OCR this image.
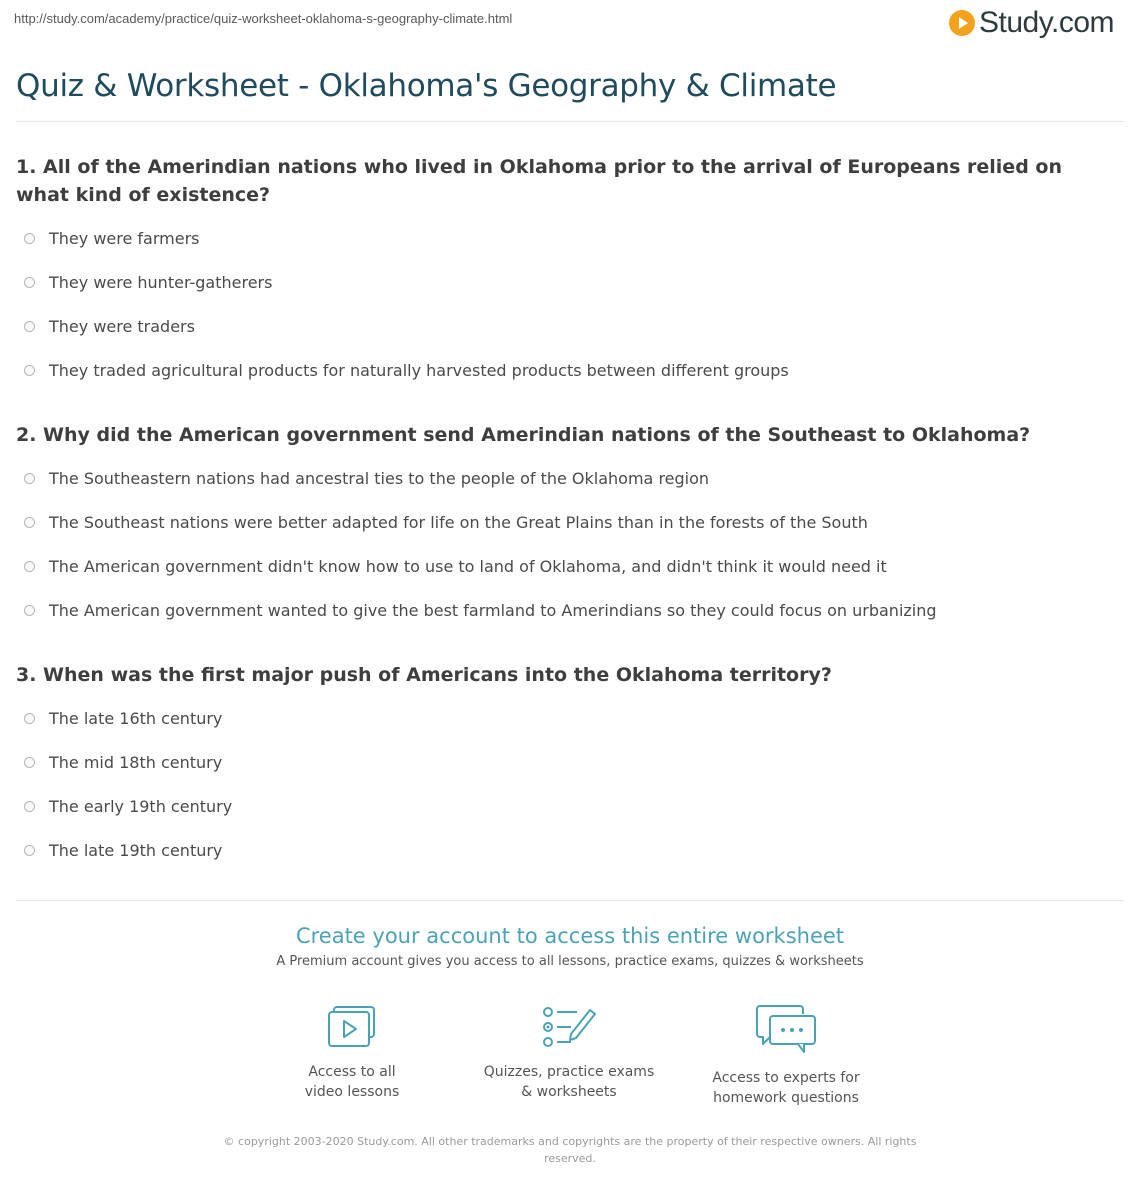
http://study.com/academy/practice/quiz-worksheet-oklahoma-s-geography-climate.html	Study.com
Quiz & Worksheet - Oklahoma's Geography & Climate

1. All of the Amerindian nations who lived in Oklahoma prior to the arrival of Europeans relied on what kind of existence?

They were farmers
They were hunter-gatherers
They were traders
They traded agricultural products for naturally harvested products between different groups

2. Why did the American government send Amerindian nations of the Southeast to Oklahoma?

The Southeastern nations had ancestral ties to the people of the Oklahoma region
The Southeast nations were better adapted for life on the Great Plains than in the forests of the South
The American government didn't know how to use to land of Oklahoma, and didn't think it would need it
The American government wanted to give the best farmland to Amerindians so they could focus on urbanizing

3. When was the first major push of Americans into the Oklahoma territory?

The late 16th century
The mid 18th century
The early 19th century
The late 19th century
Create your account to access this entire worksheet
A Premium account gives you access to all lessons, practice exams, quizzes & worksheets
Access to all
video lessons
Quizzes, practice exams
& worksheets
Access to experts for
homework questions
© copyright 2003-2020 Study.com. All other trademarks and copyrights are the property of their respective owners. All rights reserved.
